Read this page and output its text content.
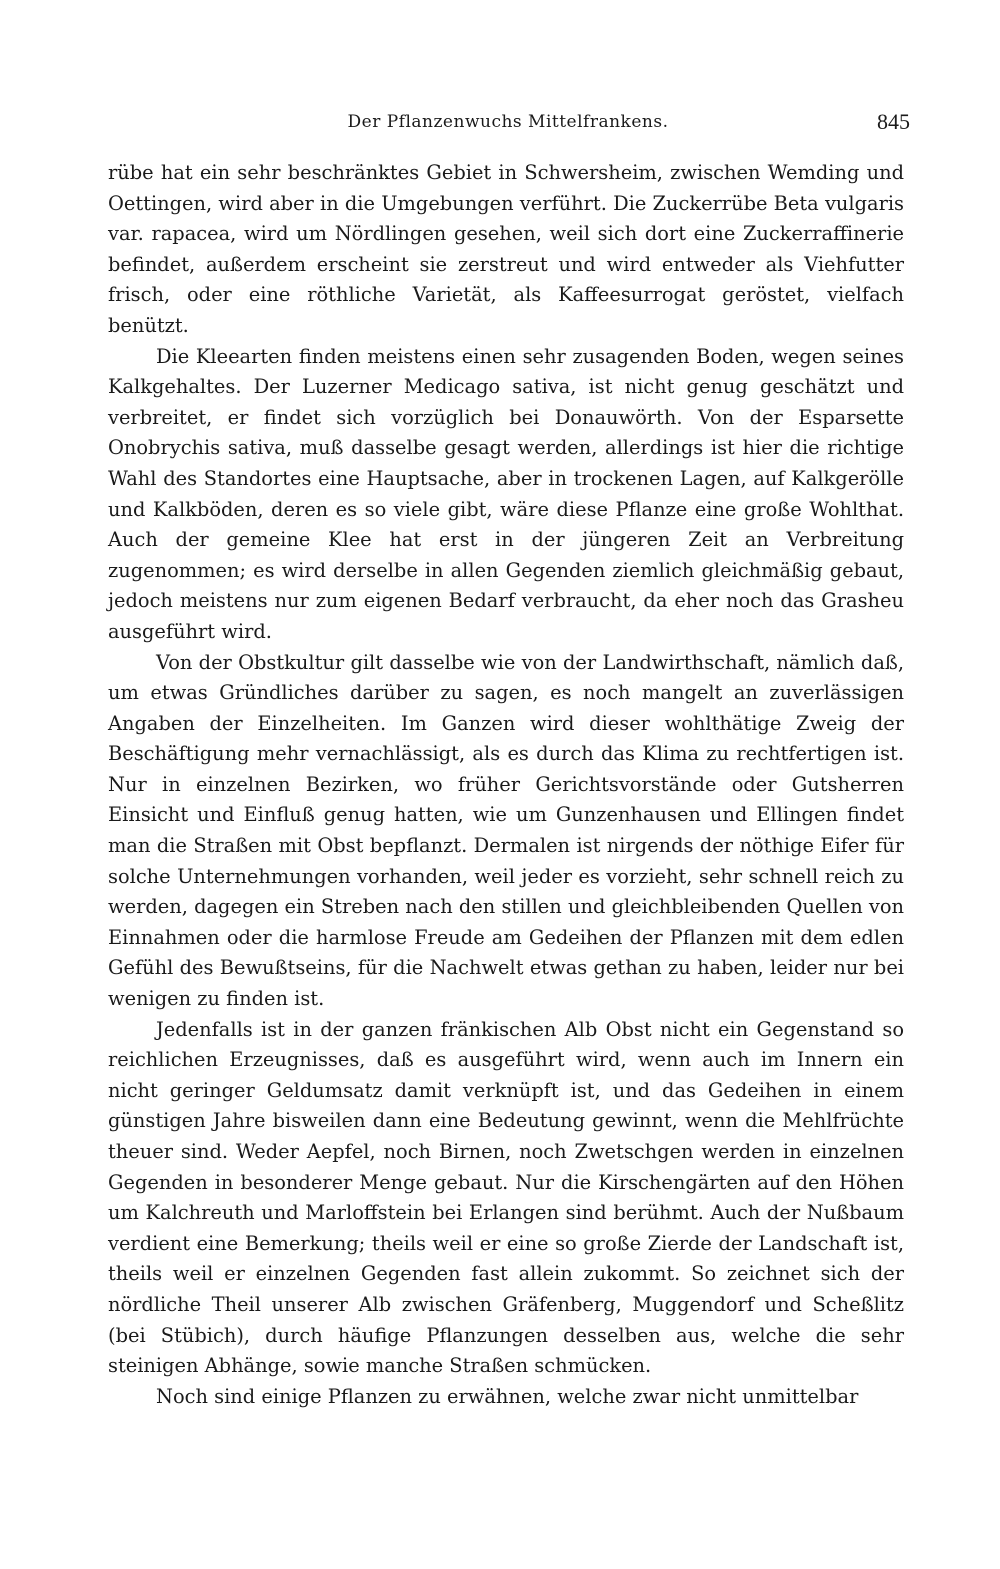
Der Pflanzenwuchs Mittelfrankens.	845

rübe hat ein sehr beschränktes Gebiet in Schwersheim, zwischen Wemding und Oettingen, wird aber in die Umgebungen verführt. Die Zuckerrübe Beta vulgaris var. rapacea, wird um Nördlingen gesehen, weil sich dort eine Zuckerraffinerie befindet, außerdem erscheint sie zerstreut und wird entweder als Viehfutter frisch, oder eine röthliche Varietät, als Kaffeesurrogat geröstet, vielfach benützt.

Die Kleearten finden meistens einen sehr zusagenden Boden, wegen seines Kalkgehaltes. Der Luzerner Medicago sativa, ist nicht genug geschätzt und verbreitet, er findet sich vorzüglich bei Donauwörth. Von der Esparsette Onobrychis sativa, muß dasselbe gesagt werden, allerdings ist hier die richtige Wahl des Standortes eine Hauptsache, aber in trockenen Lagen, auf Kalkgerölle und Kalkböden, deren es so viele gibt, wäre diese Pflanze eine große Wohlthat. Auch der gemeine Klee hat erst in der jüngeren Zeit an Verbreitung zugenommen; es wird derselbe in allen Gegenden ziemlich gleichmäßig gebaut, jedoch meistens nur zum eigenen Bedarf verbraucht, da eher noch das Grasheu ausgeführt wird.

Von der Obstkultur gilt dasselbe wie von der Landwirthschaft, nämlich daß, um etwas Gründliches darüber zu sagen, es noch mangelt an zuverlässigen Angaben der Einzelheiten. Im Ganzen wird dieser wohlthätige Zweig der Beschäftigung mehr vernachlässigt, als es durch das Klima zu rechtfertigen ist. Nur in einzelnen Bezirken, wo früher Gerichtsvorstände oder Gutsherren Einsicht und Einfluß genug hatten, wie um Gunzenhausen und Ellingen findet man die Straßen mit Obst bepflanzt. Dermalen ist nirgends der nöthige Eifer für solche Unternehmungen vorhanden, weil jeder es vorzieht, sehr schnell reich zu werden, dagegen ein Streben nach den stillen und gleichbleibenden Quellen von Einnahmen oder die harmlose Freude am Gedeihen der Pflanzen mit dem edlen Gefühl des Bewußtseins, für die Nachwelt etwas gethan zu haben, leider nur bei wenigen zu finden ist.

Jedenfalls ist in der ganzen fränkischen Alb Obst nicht ein Gegenstand so reichlichen Erzeugnisses, daß es ausgeführt wird, wenn auch im Innern ein nicht geringer Geldumsatz damit verknüpft ist, und das Gedeihen in einem günstigen Jahre bisweilen dann eine Bedeutung gewinnt, wenn die Mehlfrüchte theuer sind. Weder Aepfel, noch Birnen, noch Zwetschgen werden in einzelnen Gegenden in besonderer Menge gebaut. Nur die Kirschengärten auf den Höhen um Kalchreuth und Marloffstein bei Erlangen sind berühmt. Auch der Nußbaum verdient eine Bemerkung; theils weil er eine so große Zierde der Landschaft ist, theils weil er einzelnen Gegenden fast allein zukommt. So zeichnet sich der nördliche Theil unserer Alb zwischen Gräfenberg, Muggendorf und Scheßlitz (bei Stübich), durch häufige Pflanzungen desselben aus, welche die sehr steinigen Abhänge, sowie manche Straßen schmücken.

Noch sind einige Pflanzen zu erwähnen, welche zwar nicht unmittelbar
